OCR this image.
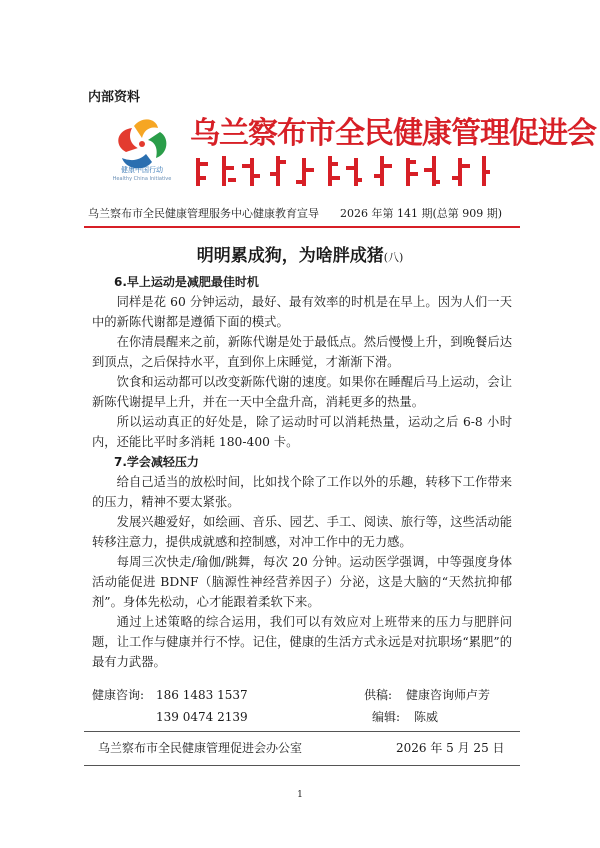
内部资料
健康中国行动
Healthy China Initiative
乌兰察布市全民健康管理促进会
乌兰察布市全民健康管理服务中心健康教育宣导 2026 年第 141 期(总第 909 期)
明明累成狗，为啥胖成猪(八)
6.早上运动是减肥最佳时机

同样是花 60 分钟运动，最好、最有效率的时机是在早上。因为人们一天中的新陈代谢都是遵循下面的模式。

在你清晨醒来之前，新陈代谢是处于最低点。然后慢慢上升，到晚餐后达到顶点，之后保持水平，直到你上床睡觉，才渐渐下滑。

饮食和运动都可以改变新陈代谢的速度。如果你在睡醒后马上运动，会让新陈代谢提早上升，并在一天中全盘升高，消耗更多的热量。

所以运动真正的好处是，除了运动时可以消耗热量，运动之后 6-8 小时内，还能比平时多消耗 180-400 卡。

7.学会减轻压力

给自己适当的放松时间，比如找个除了工作以外的乐趣，转移下工作带来的压力，精神不要太紧张。

发展兴趣爱好，如绘画、音乐、园艺、手工、阅读、旅行等，这些活动能转移注意力，提供成就感和控制感，对冲工作中的无力感。

每周三次快走/瑜伽/跳舞，每次 20 分钟。运动医学强调，中等强度身体活动能促进 BDNF（脑源性神经营养因子）分泌，这是大脑的“天然抗抑郁剂”。身体先松动，心才能跟着柔软下来。

通过上述策略的综合运用，我们可以有效应对上班带来的压力与肥胖问题，让工作与健康并行不悖。记住，健康的生活方式永远是对抗职场“累肥”的最有力武器。

健康咨询: 186 1483 1537	供稿: 健康咨询师卢芳
139 0474 2139	编辑: 陈威
乌兰察布市全民健康管理促进会办公室	2026 年 5 月 25 日
1
